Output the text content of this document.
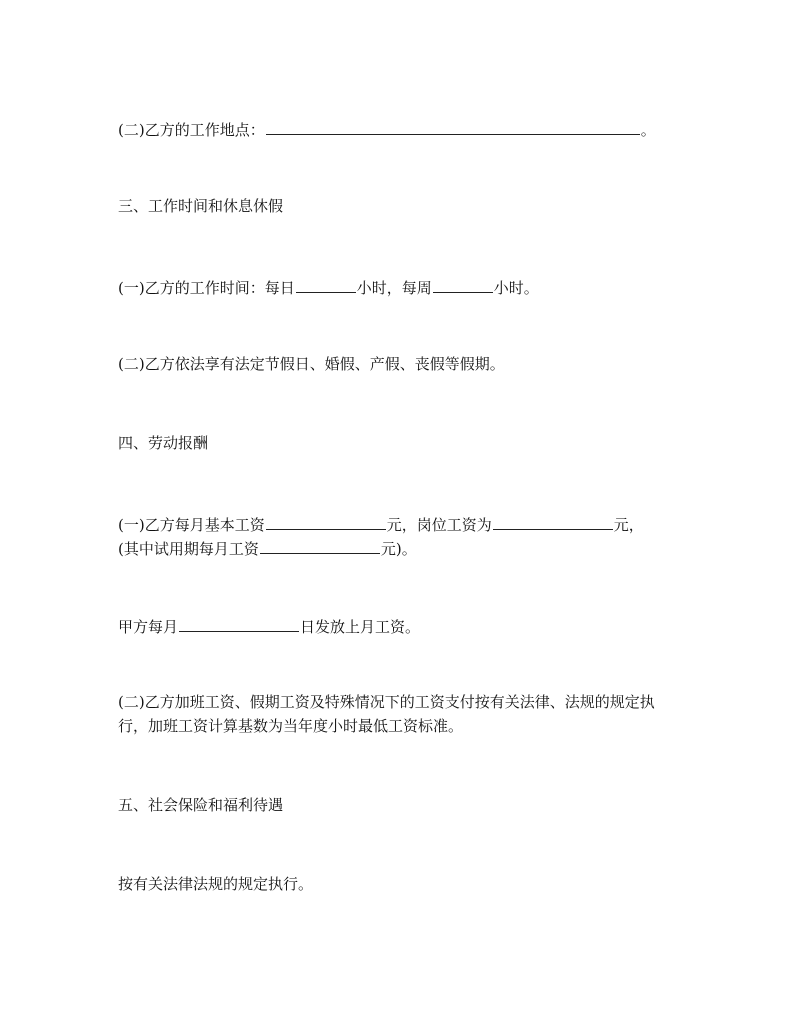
(二)乙方的工作地点：	。
三、工作时间和休息休假
(一)乙方的工作时间：每日	小时，每周	小时。
(二)乙方依法享有法定节假日、婚假、产假、丧假等假期。
四、劳动报酬
(一)乙方每月基本工资	元，岗位工资为	元，
(其中试用期每月工资	元)。
甲方每月	日发放上月工资。
(二)乙方加班工资、假期工资及特殊情况下的工资支付按有关法律、法规的规定执
行，加班工资计算基数为当年度小时最低工资标准。
五、社会保险和福利待遇
按有关法律法规的规定执行。
